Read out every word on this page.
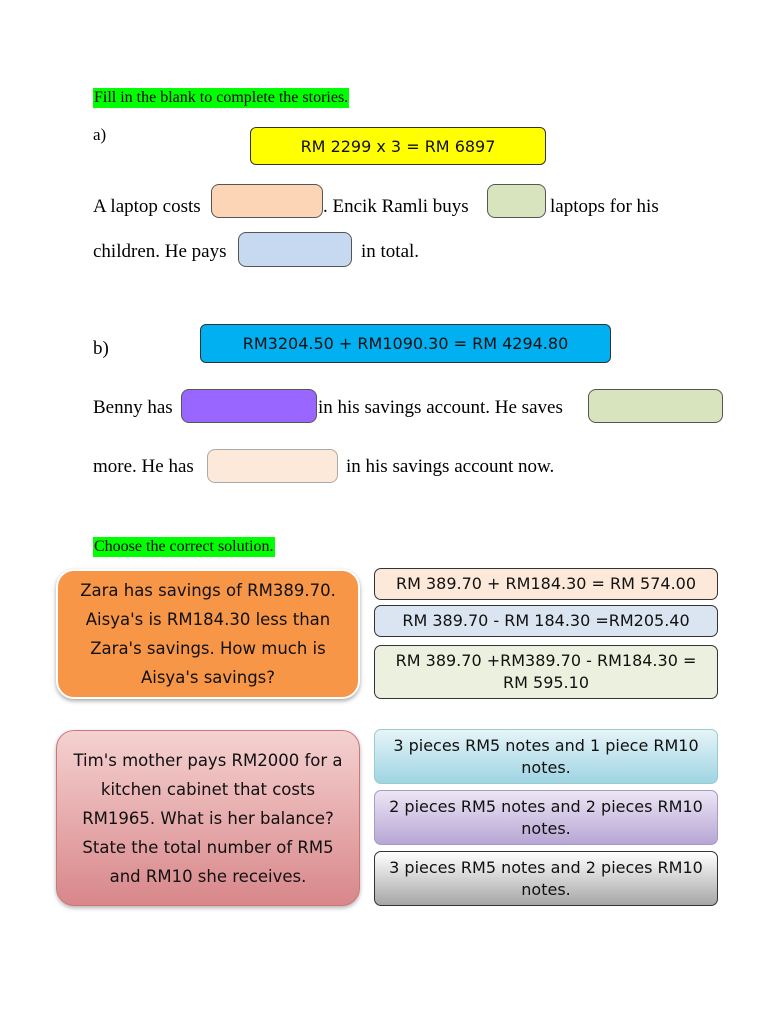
Fill in the blank to complete the stories.
a)
RM 2299 x 3 = RM 6897
A laptop costs	. Encik Ramli buys	laptops for his
children. He pays	in total.
b)	RM3204.50 + RM1090.30 = RM 4294.80
Benny has	in his savings account. He saves
more. He has	in his savings account now.
Choose the correct solution.
Zara has savings of RM389.70. Aisya's is RM184.30 less than Zara's savings. How much is Aisya's savings?
RM 389.70 + RM184.30 = RM 574.00
RM 389.70 - RM 184.30 =RM205.40
RM 389.70 +RM389.70 - RM184.30 = RM 595.10
Tim's mother pays RM2000 for a kitchen cabinet that costs RM1965. What is her balance? State the total number of RM5 and RM10 she receives.
3 pieces RM5 notes and 1 piece RM10 notes.
2 pieces RM5 notes and 2 pieces RM10 notes.
3 pieces RM5 notes and 2 pieces RM10 notes.
